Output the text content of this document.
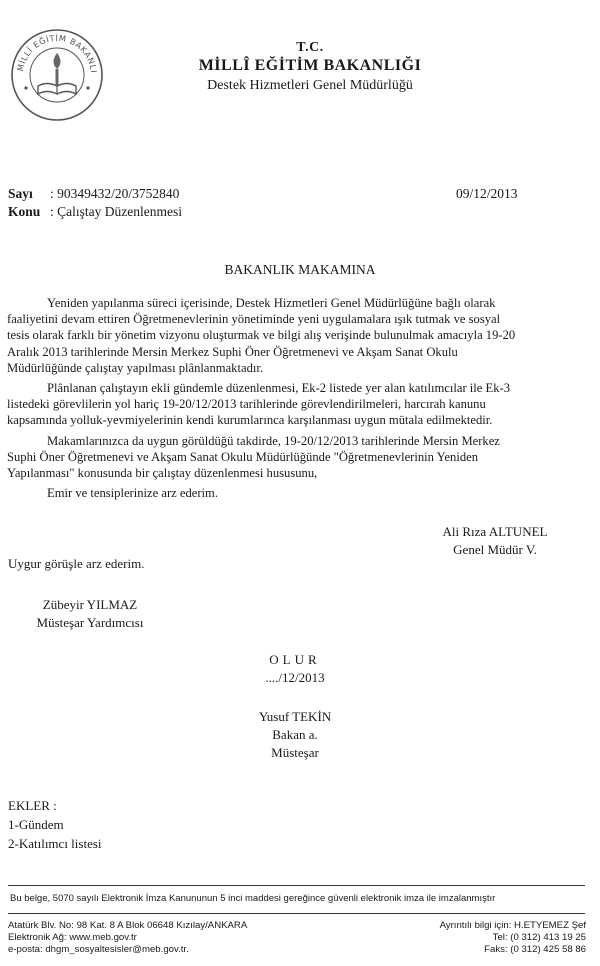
MİLLÎ EĞİTİM BAKANLI
T.C.
MİLLÎ EĞİTİM BAKANLIĞI
Destek Hizmetleri Genel Müdürlüğü
Sayı : 90349432/20/3752840
Konu : Çalıştay Düzenlenmesi
09/12/2013
BAKANLIK MAKAMINA

Yeniden yapılanma süreci içerisinde, Destek Hizmetleri Genel Müdürlüğüne bağlı olarak
faaliyetini devam ettiren Öğretmenevlerinin yönetiminde yeni uygulamalara ışık tutmak ve sosyal
tesis olarak farklı bir yönetim vizyonu oluşturmak ve bilgi alış verişinde bulunulmak amacıyla 19-20
Aralık 2013 tarihlerinde Mersin Merkez Suphi Öner Öğretmenevi ve Akşam Sanat Okulu
Müdürlüğünde çalıştay yapılması plânlanmaktadır.

Plânlanan çalıştayın ekli gündemle düzenlenmesi, Ek-2 listede yer alan katılımcılar ile Ek-3
listedeki görevlilerin yol hariç 19-20/12/2013 tarihlerinde görevlendirilmeleri, harcırah kanunu
kapsamında yolluk-yevmiyelerinin kendi kurumlarınca karşılanması uygun mütala edilmektedir.

Makamlarınızca da uygun görüldüğü takdirde, 19-20/12/2013 tarihlerinde Mersin Merkez
Suphi Öner Öğretmenevi ve Akşam Sanat Okulu Müdürlüğünde "Öğretmenevlerinin Yeniden
Yapılanması" konusunda bir çalıştay düzenlenmesi hususunu,

Emir ve tensiplerinize arz ederim.

Ali Rıza ALTUNEL
Genel Müdür V.
Uygur görüşle arz ederim.
Zübeyir YILMAZ
Müsteşar Yardımcısı
OLUR
..../12/2013
Yusuf TEKİN
Bakan a.
Müsteşar
EKLER :
1-Gündem
2-Katılımcı listesi
Bu belge, 5070 sayılı Elektronik İmza Kanununun 5 inci maddesi gereğince güvenli elektronik imza ile imzalanmıştır
Atatürk Blv. No: 98 Kat. 8 A Blok 06648 Kızılay/ANKARA
Elektronik Ağ: www.meb.gov.tr
e-posta: dhgm_sosyaltesisler@meb.gov.tr.
Ayrıntılı bilgi için: H.ETYEMEZ Şef
Tel: (0 312) 413 19 25
Faks: (0 312) 425 58 86
